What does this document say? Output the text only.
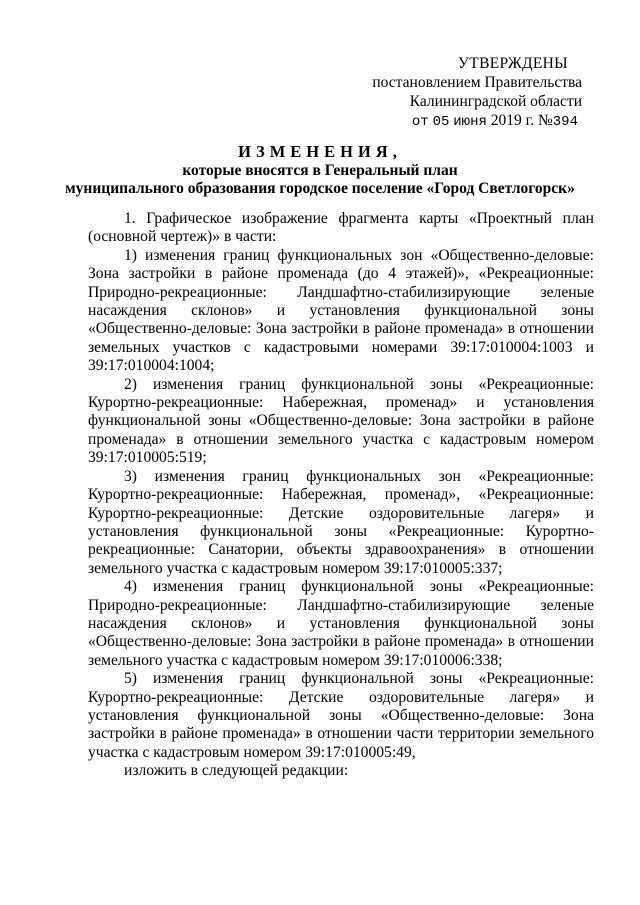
УТВЕРЖДЕНЫ
постановлением Правительства
Калининградской области
от 05 июня 2019 г. №394
ИЗМЕНЕНИЯ,
которые вносятся в Генеральный план
муниципального образования городское поселение «Город Светлогорск»

1. Графическое изображение фрагмента карты «Проектный план (основной чертеж)» в части:

1) изменения границ функциональных зон «Общественно-деловые: Зона застройки в районе променада (до 4 этажей)», «Рекреационные: Природно-рекреационные: Ландшафтно-стабилизирующие зеленые насаждения склонов» и установления функциональной зоны «Общественно-деловые: Зона застройки в районе променада» в отношении земельных участков с кадастровыми номерами 39:17:010004:1003 и 39:17:010004:1004;

2) изменения границ функциональной зоны «Рекреационные: Курортно-рекреационные: Набережная, променад» и установления функциональной зоны «Общественно-деловые: Зона застройки в районе променада» в отношении земельного участка с кадастровым номером 39:17:010005:519;

3) изменения границ функциональных зон «Рекреационные: Курортно-рекреационные: Набережная, променад», «Рекреационные: Курортно-рекреационные: Детские оздоровительные лагеря» и установления функциональной зоны «Рекреационные: Курортно-рекреационные: Санатории, объекты здравоохранения» в отношении земельного участка с кадастровым номером 39:17:010005:337;

4) изменения границ функциональной зоны «Рекреационные: Природно-рекреационные: Ландшафтно-стабилизирующие зеленые насаждения склонов» и установления функциональной зоны «Общественно-деловые: Зона застройки в районе променада» в отношении земельного участка с кадастровым номером 39:17:010006:338;

5) изменения границ функциональной зоны «Рекреационные: Курортно-рекреационные: Детские оздоровительные лагеря» и установления функциональной зоны «Общественно-деловые: Зона застройки в районе променада» в отношении части территории земельного участка с кадастровым номером 39:17:010005:49,

изложить в следующей редакции:
